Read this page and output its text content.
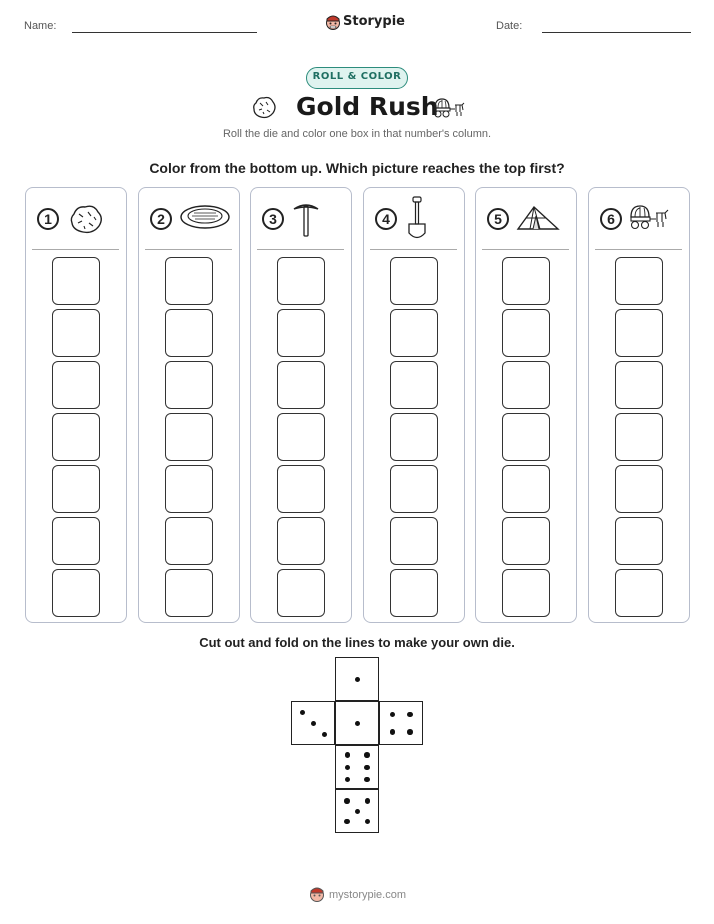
Name:	Storypie	Date:
ROLL & COLOR
Gold Rush
Roll the die and color one box in that number's column.
Color from the bottom up. Which picture reaches the top first?
1	2	3	4	5	6
Cut out and fold on the lines to make your own die.
mystorypie.com
